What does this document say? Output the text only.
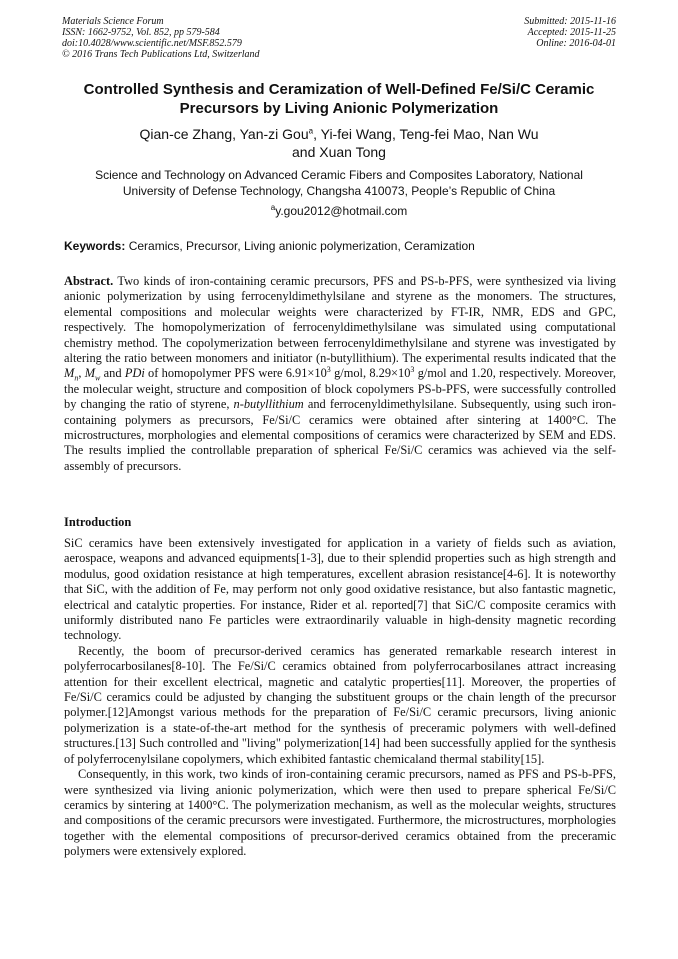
Materials Science Forum
ISSN: 1662-9752, Vol. 852, pp 579-584
doi:10.4028/www.scientific.net/MSF.852.579
© 2016 Trans Tech Publications Ltd, Switzerland
Submitted: 2015-11-16
Accepted: 2015-11-25
Online: 2016-04-01
Controlled Synthesis and Ceramization of Well-Defined Fe/Si/C Ceramic
Precursors by Living Anionic Polymerization
Qian-ce Zhang, Yan-zi Gou$^a$, Yi-fei Wang, Teng-fei Mao, Nan Wu
and Xuan Tong
Science and Technology on Advanced Ceramic Fibers and Composites Laboratory, National
University of Defense Technology, Changsha 410073, People’s Republic of China
$^a$y.gou2012@hotmail.com
Keywords: Ceramics, Precursor, Living anionic polymerization, Ceramization
Abstract. Two kinds of iron-containing ceramic precursors, PFS and PS-b-PFS, were synthesized via living anionic polymerization by using ferrocenyldimethylsilane and styrene as the monomers. The structures, elemental compositions and molecular weights were characterized by FT-IR, NMR, EDS and GPC, respectively. The homopolymerization of ferrocenyldimethylsilane was simulated using computational chemistry method. The copolymerization between ferrocenyldimethylsilane and styrene was investigated by altering the ratio between monomers and initiator (n-butyllithium). The experimental results indicated that the $M_n$, $M_w$ and PDi of homopolymer PFS were $6.91\times 10^3$ g/mol, $8.29\times 10^3$ g/mol and 1.20, respectively. Moreover, the molecular weight, structure and composition of block copolymers PS-b-PFS, were successfully controlled by changing the ratio of styrene, n-butyllithium and ferrocenyldimethylsilane. Subsequently, using such iron-containing polymers as precursors, Fe/Si/C ceramics were obtained after sintering at 1400°C. The microstructures, morphologies and elemental compositions of ceramics were characterized by SEM and EDS. The results implied the controllable preparation of spherical Fe/Si/C ceramics was achieved via the self-assembly of precursors.
Introduction

SiC ceramics have been extensively investigated for application in a variety of fields such as aviation, aerospace, weapons and advanced equipments[1-3], due to their splendid properties such as high strength and modulus, good oxidation resistance at high temperatures, excellent abrasion resistance[4-6]. It is noteworthy that SiC, with the addition of Fe, may perform not only good oxidative resistance, but also fantastic magnetic, electrical and catalytic properties. For instance, Rider et al. reported[7] that SiC/C composite ceramics with uniformly distributed nano Fe particles were extraordinarily valuable in high-density magnetic recording technology.

Recently, the boom of precursor-derived ceramics has generated remarkable research interest in polyferrocarbosilanes[8-10]. The Fe/Si/C ceramics obtained from polyferrocarbosilanes attract increasing attention for their excellent electrical, magnetic and catalytic properties[11]. Moreover, the properties of Fe/Si/C ceramics could be adjusted by changing the substituent groups or the chain length of the precursor polymer.[12]Amongst various methods for the preparation of Fe/Si/C ceramic precursors, living anionic polymerization is a state-of-the-art method for the synthesis of preceramic polymers with well-defined structures.[13] Such controlled and "living" polymerization[14] had been successfully applied for the synthesis of polyferrocenylsilane copolymers, which exhibited fantastic chemicaland thermal stability[15].

Consequently, in this work, two kinds of iron-containing ceramic precursors, named as PFS and PS-b-PFS, were synthesized via living anionic polymerization, which were then used to prepare spherical Fe/Si/C ceramics by sintering at 1400°C. The polymerization mechanism, as well as the molecular weights, structures and compositions of the ceramic precursors were investigated. Furthermore, the microstructures, morphologies together with the elemental compositions of precursor-derived ceramics obtained from the preceramic polymers were extensively explored.
